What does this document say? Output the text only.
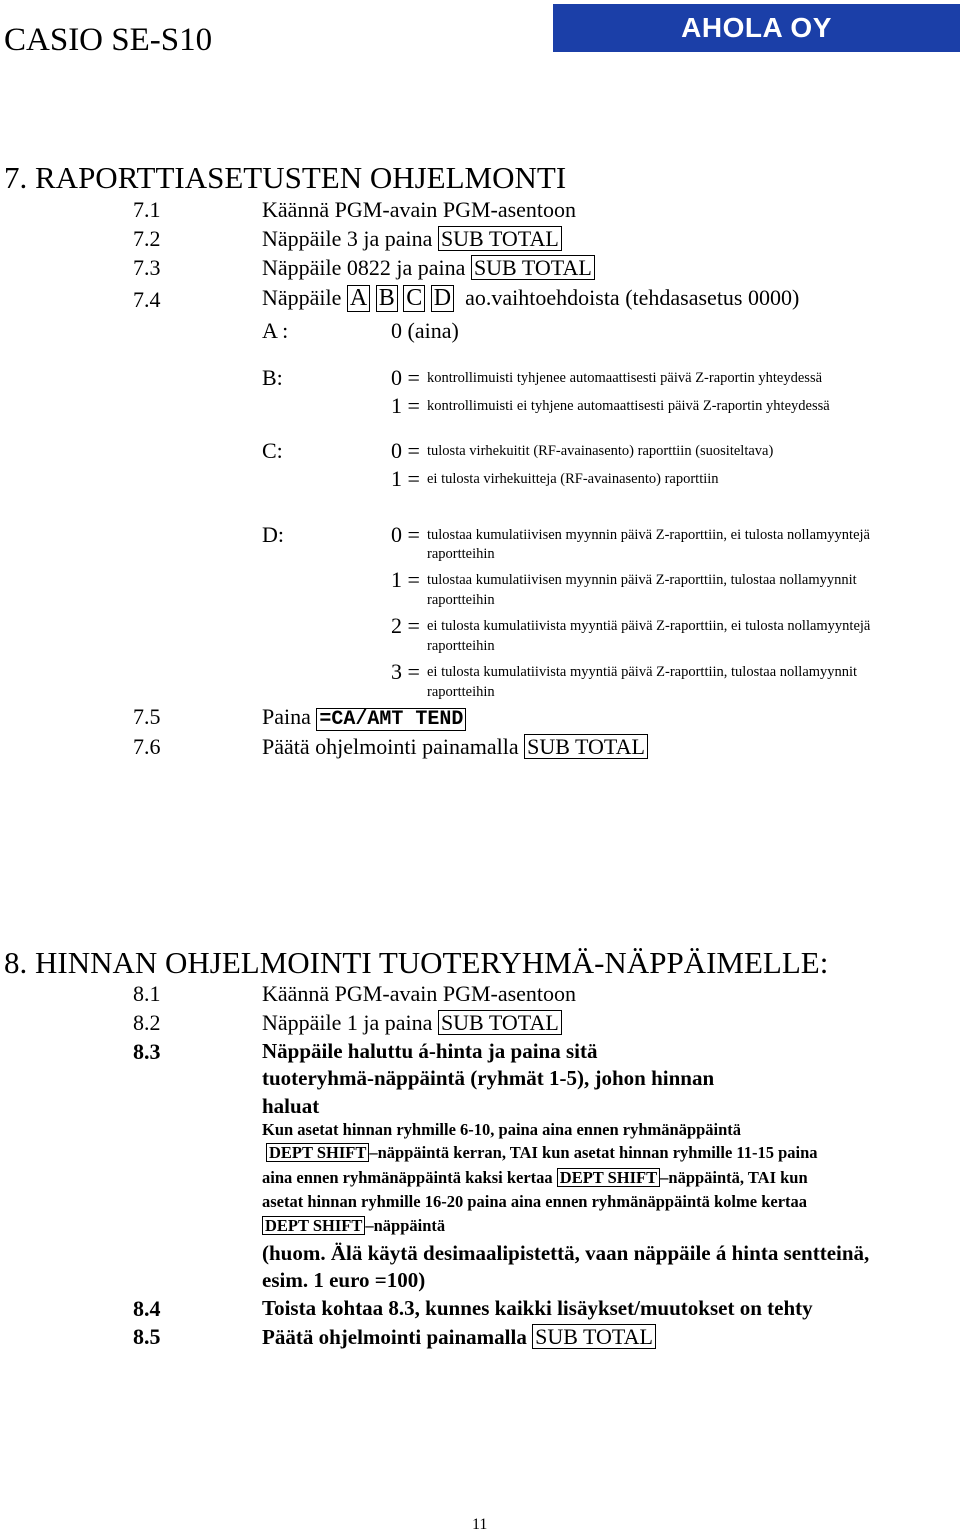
CASIO SE-S10	AHOLA OY
7. RAPORTTIASETUSTEN OHJELMONTI
7.1	Käännä PGM-avain PGM-asentoon
7.2	Näppäile 3 ja paina SUB TOTAL
7.3	Näppäile 0822 ja paina SUB TOTAL
7.4	Näppäile A B C D ao.vaihtoehdoista (tehdasasetus 0000)
A :	0 (aina)
B:	0 = kontrollimuisti tyhjenee automaattisesti päivä Z-raportin yhteydessä
1 = kontrollimuisti ei tyhjene automaattisesti päivä Z-raportin yhteydessä
C:	0 = tulosta virhekuitit (RF-avainasento) raporttiin (suositeltava)
1 = ei tulosta virhekuitteja (RF-avainasento) raporttiin
D:	0 = tulostaa kumulatiivisen myynnin päivä Z-raporttiin, ei tulosta nollamyyntejä
raportteihin
1 = tulostaa kumulatiivisen myynnin päivä Z-raporttiin, tulostaa nollamyynnit
raportteihin
2 = ei tulosta kumulatiivista myyntiä päivä Z-raporttiin, ei tulosta nollamyyntejä
raportteihin
3 = ei tulosta kumulatiivista myyntiä päivä Z-raporttiin, tulostaa nollamyynnit
raportteihin
7.5	Paina =CA/AMT TEND
7.6	Päätä ohjelmointi painamalla SUB TOTAL
8. HINNAN OHJELMOINTI TUOTERYHMÄ-NÄPPÄIMELLE:
8.1	Käännä PGM-avain PGM-asentoon
8.2	Näppäile 1 ja paina SUB TOTAL
8.3	Näppäile haluttu á-hinta ja paina sitä
tuoteryhmä-näppäintä (ryhmät 1-5), johon hinnan
haluat
Kun asetat hinnan ryhmille 6-10, paina aina ennen ryhmänäppäintä
DEPT SHIFT –näppäintä kerran, TAI kun asetat hinnan ryhmille 11-15 paina
aina ennen ryhmänäppäintä kaksi kertaa DEPT SHIFT –näppäintä, TAI kun
asetat hinnan ryhmille 16-20 paina aina ennen ryhmänäppäintä kolme kertaa
DEPT SHIFT –näppäintä
(huom. Älä käytä desimaalipistettä, vaan näppäile á hinta sentteinä,
esim. 1 euro =100)
8.4	Toista kohtaa 8.3, kunnes kaikki lisäykset/muutokset on tehty
8.5	Päätä ohjelmointi painamalla SUB TOTAL
11
